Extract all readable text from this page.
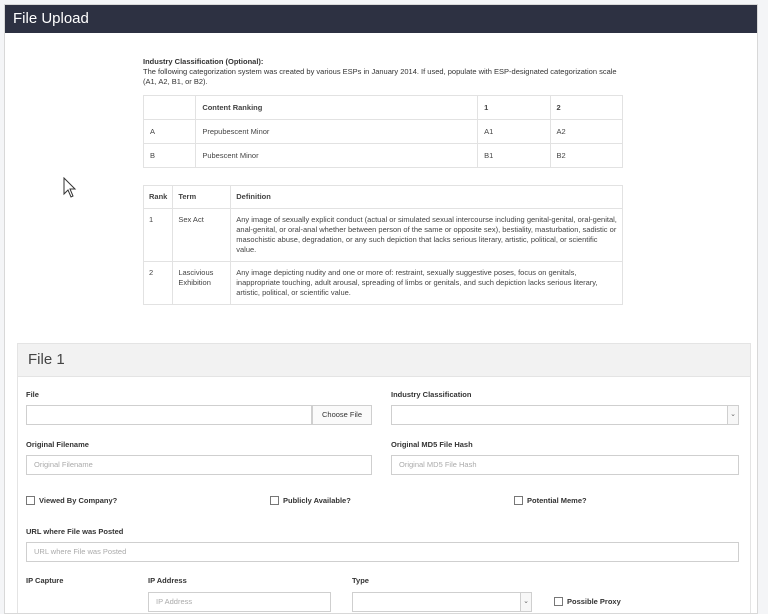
File Upload
Industry Classification (Optional):
The following categorization system was created by various ESPs in January 2014. If used, populate with ESP-designated categorization scale (A1, A2, B1, or B2).
	Content Ranking	1	2
A	Prepubescent Minor	A1	A2
B	Pubescent Minor	B1	B2
Rank	Term	Definition
1	Sex Act	Any image of sexually explicit conduct (actual or simulated sexual intercourse including genital-genital, oral-genital, anal-genital, or oral-anal whether between person of the same or opposite sex), bestiality, masturbation, sadistic or masochistic abuse, degradation, or any such depiction that lacks serious literary, artistic, political, or scientific value.
2	Lascivious Exhibition	Any image depicting nudity and one or more of: restraint, sexually suggestive poses, focus on genitals, inappropriate touching, adult arousal, spreading of limbs or genitals, and such depiction lacks serious literary, artistic, political, or scientific value.
File 1
File
Choose File
Industry Classification
⌄
Original Filename
Original Filename
Original MD5 File Hash
Original MD5 File Hash
Viewed By Company?	Publicly Available?	Potential Meme?
URL where File was Posted
URL where File was Posted
IP Capture	IP Address
IP Address
Type
⌄	Possible Proxy
